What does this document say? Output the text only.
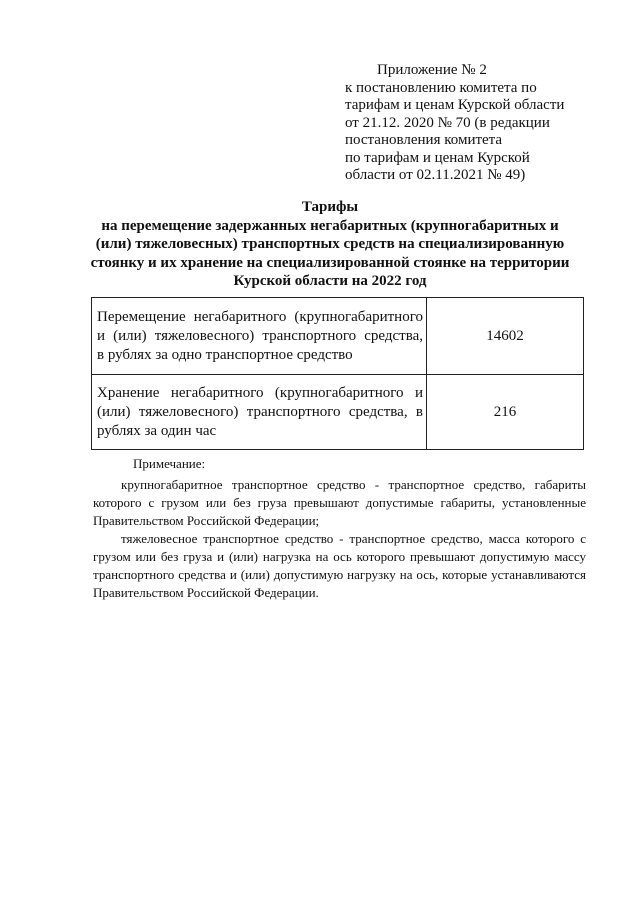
Приложение № 2
к постановлению комитета по
тарифам и ценам Курской области
от 21.12. 2020 № 70 (в редакции
постановления комитета
по тарифам и ценам Курской
области от 02.11.2021 № 49)
Тарифы
на перемещение задержанных негабаритных (крупногабаритных и
(или) тяжеловесных) транспортных средств на специализированную
стоянку и их хранение на специализированной стоянке на территории
Курской области на 2022 год
Перемещение негабаритного (крупногабаритного
и (или) тяжеловесного) транспортного средства,
в рублях за одно транспортное средство	14602

Хранение негабаритного (крупногабаритного и
(или) тяжеловесного) транспортного средства, в
рублях за один час	216
Примечание:
крупногабаритное транспортное средство - транспортное средство, габариты
которого с грузом или без груза превышают допустимые габариты, установленные
Правительством Российской Федерации;
тяжеловесное транспортное средство - транспортное средство, масса которого с
грузом или без груза и (или) нагрузка на ось которого превышают допустимую массу
транспортного средства и (или) допустимую нагрузку на ось, которые устанавливаются
Правительством Российской Федерации.
